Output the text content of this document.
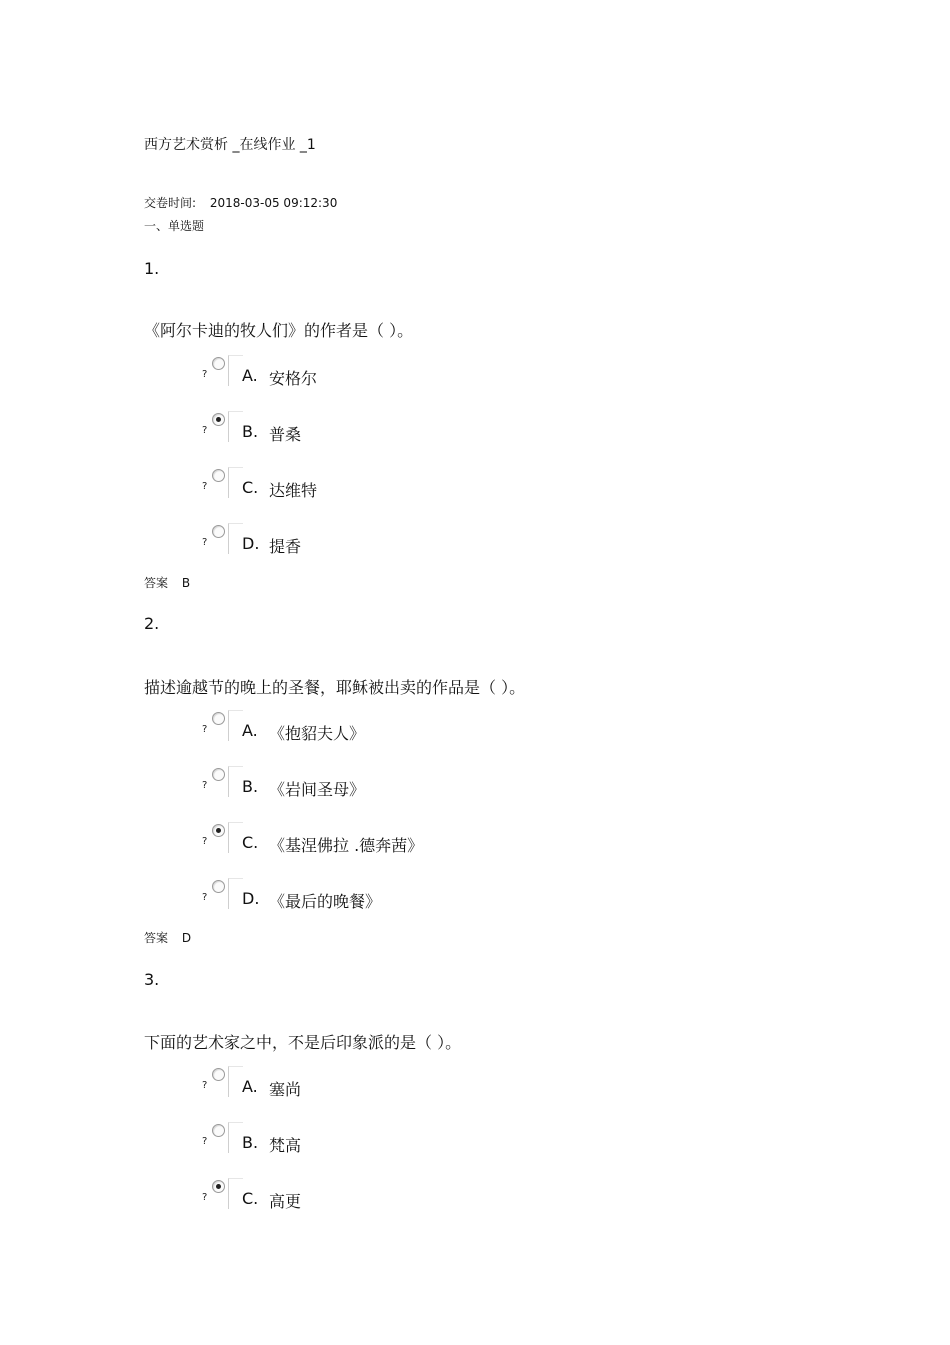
西方艺术赏析 _在线作业 _1
交卷时间: 2018-03-05 09:12:30
一、单选题
1.
《阿尔卡迪的牧人们》的作者是（ ）。
? A. 安格尔
? B. 普桑
? C. 达维特
? D. 提香
答案 B
2.
描述逾越节的晚上的圣餐，耶稣被出卖的作品是（ ）。
? A. 《抱貂夫人》
? B. 《岩间圣母》
? C. 《基涅佛拉 .德奔茜》
? D. 《最后的晚餐》
答案 D
3.
下面的艺术家之中，不是后印象派的是（ ）。
? A. 塞尚
? B. 梵高
? C. 高更
